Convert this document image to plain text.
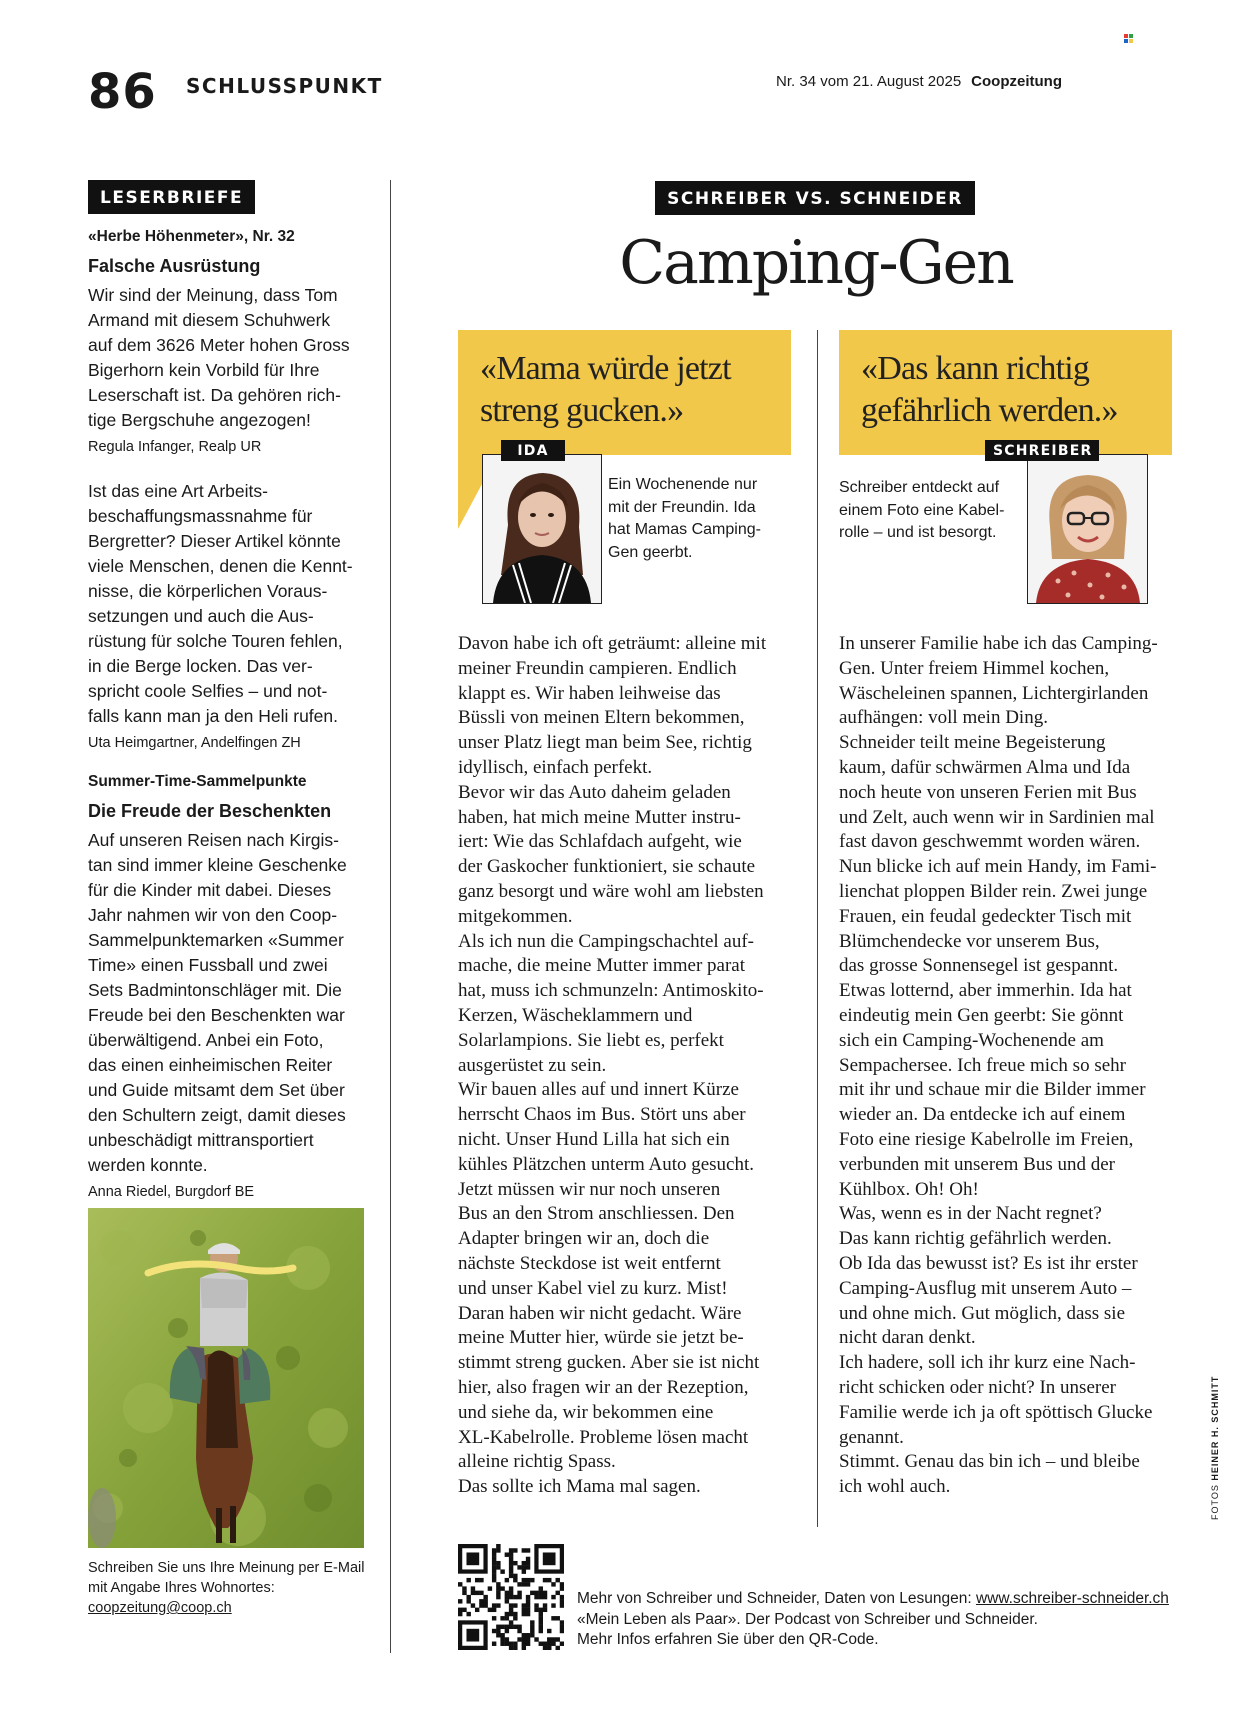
86 SCHLUSSPUNKT	Nr. 34 vom 21. August 2025 Coopzeitung
LESERBRIEFE
«Herbe Höhenmeter», Nr. 32
Falsche Ausrüstung
Wir sind der Meinung, dass Tom
Armand mit diesem Schuhwerk
auf dem 3626 Meter hohen Gross
Bigerhorn kein Vorbild für Ihre
Leserschaft ist. Da gehören rich-
tige Bergschuhe angezogen!
Regula Infanger, Realp UR
Ist das eine Art Arbeits-
beschaffungsmassnahme für
Bergretter? Dieser Artikel könnte
viele Menschen, denen die Kennt-
nisse, die körperlichen Voraus-
setzungen und auch die Aus-
rüstung für solche Touren fehlen,
in die Berge locken. Das ver-
spricht coole Selfies – und not-
falls kann man ja den Heli rufen.
Uta Heimgartner, Andelfingen ZH
Summer-Time-Sammelpunkte
Die Freude der Beschenkten
Auf unseren Reisen nach Kirgis-
tan sind immer kleine Geschenke
für die Kinder mit dabei. Dieses
Jahr nahmen wir von den Coop-
Sammelpunktemarken «Summer
Time» einen Fussball und zwei
Sets Badmintonschläger mit. Die
Freude bei den Beschenkten war
überwältigend. Anbei ein Foto,
das einen einheimischen Reiter
und Guide mitsamt dem Set über
den Schultern zeigt, damit dieses
unbeschädigt mittransportiert
werden konnte.
Anna Riedel, Burgdorf BE
Schreiben Sie uns Ihre Meinung per E-Mail
mit Angabe Ihres Wohnortes:
coopzeitung@coop.ch
SCHREIBER VS. SCHNEIDER
Camping-Gen
«Mama würde jetzt
streng gucken.»
IDA
Ein Wochenende nur
mit der Freundin. Ida
hat Mamas Camping-
Gen geerbt.
«Das kann richtig
gefährlich werden.»
SCHREIBER
Schreiber entdeckt auf
einem Foto eine Kabel-
rolle – und ist besorgt.
Davon habe ich oft geträumt: alleine mit
meiner Freundin campieren. Endlich
klappt es. Wir haben leihweise das
Büssli von meinen Eltern bekommen,
unser Platz liegt man beim See, richtig
idyllisch, einfach perfekt.
Bevor wir das Auto daheim geladen
haben, hat mich meine Mutter instru-
iert: Wie das Schlafdach aufgeht, wie
der Gaskocher funktioniert, sie schaute
ganz besorgt und wäre wohl am liebsten
mitgekommen.
Als ich nun die Campingschachtel auf-
mache, die meine Mutter immer parat
hat, muss ich schmunzeln: Antimoskito-
Kerzen, Wäscheklammern und
Solarlampions. Sie liebt es, perfekt
ausgerüstet zu sein.
Wir bauen alles auf und innert Kürze
herrscht Chaos im Bus. Stört uns aber
nicht. Unser Hund Lilla hat sich ein
kühles Plätzchen unterm Auto gesucht.
Jetzt müssen wir nur noch unseren
Bus an den Strom anschliessen. Den
Adapter bringen wir an, doch die
nächste Steckdose ist weit entfernt
und unser Kabel viel zu kurz. Mist!
Daran haben wir nicht gedacht. Wäre
meine Mutter hier, würde sie jetzt be-
stimmt streng gucken. Aber sie ist nicht
hier, also fragen wir an der Rezeption,
und siehe da, wir bekommen eine
XL-Kabelrolle. Probleme lösen macht
alleine richtig Spass.
Das sollte ich Mama mal sagen.
In unserer Familie habe ich das Camping-
Gen. Unter freiem Himmel kochen,
Wäscheleinen spannen, Lichtergirlanden
aufhängen: voll mein Ding.
Schneider teilt meine Begeisterung
kaum, dafür schwärmen Alma und Ida
noch heute von unseren Ferien mit Bus
und Zelt, auch wenn wir in Sardinien mal
fast davon geschwemmt worden wären.
Nun blicke ich auf mein Handy, im Fami-
lienchat ploppen Bilder rein. Zwei junge
Frauen, ein feudal gedeckter Tisch mit
Blümchendecke vor unserem Bus,
das grosse Sonnensegel ist gespannt.
Etwas lotternd, aber immerhin. Ida hat
eindeutig mein Gen geerbt: Sie gönnt
sich ein Camping-Wochenende am
Sempachersee. Ich freue mich so sehr
mit ihr und schaue mir die Bilder immer
wieder an. Da entdecke ich auf einem
Foto eine riesige Kabelrolle im Freien,
verbunden mit unserem Bus und der
Kühlbox. Oh! Oh!
Was, wenn es in der Nacht regnet?
Das kann richtig gefährlich werden.
Ob Ida das bewusst ist? Es ist ihr erster
Camping-Ausflug mit unserem Auto –
und ohne mich. Gut möglich, dass sie
nicht daran denkt.
Ich hadere, soll ich ihr kurz eine Nach-
richt schicken oder nicht? In unserer
Familie werde ich ja oft spöttisch Glucke
genannt.
Stimmt. Genau das bin ich – und bleibe
ich wohl auch.
Mehr von Schreiber und Schneider, Daten von Lesungen: www.schreiber-schneider.ch
«Mein Leben als Paar». Der Podcast von Schreiber und Schneider.
Mehr Infos erfahren Sie über den QR-Code.
FOTOS HEINER H. SCHMITT
